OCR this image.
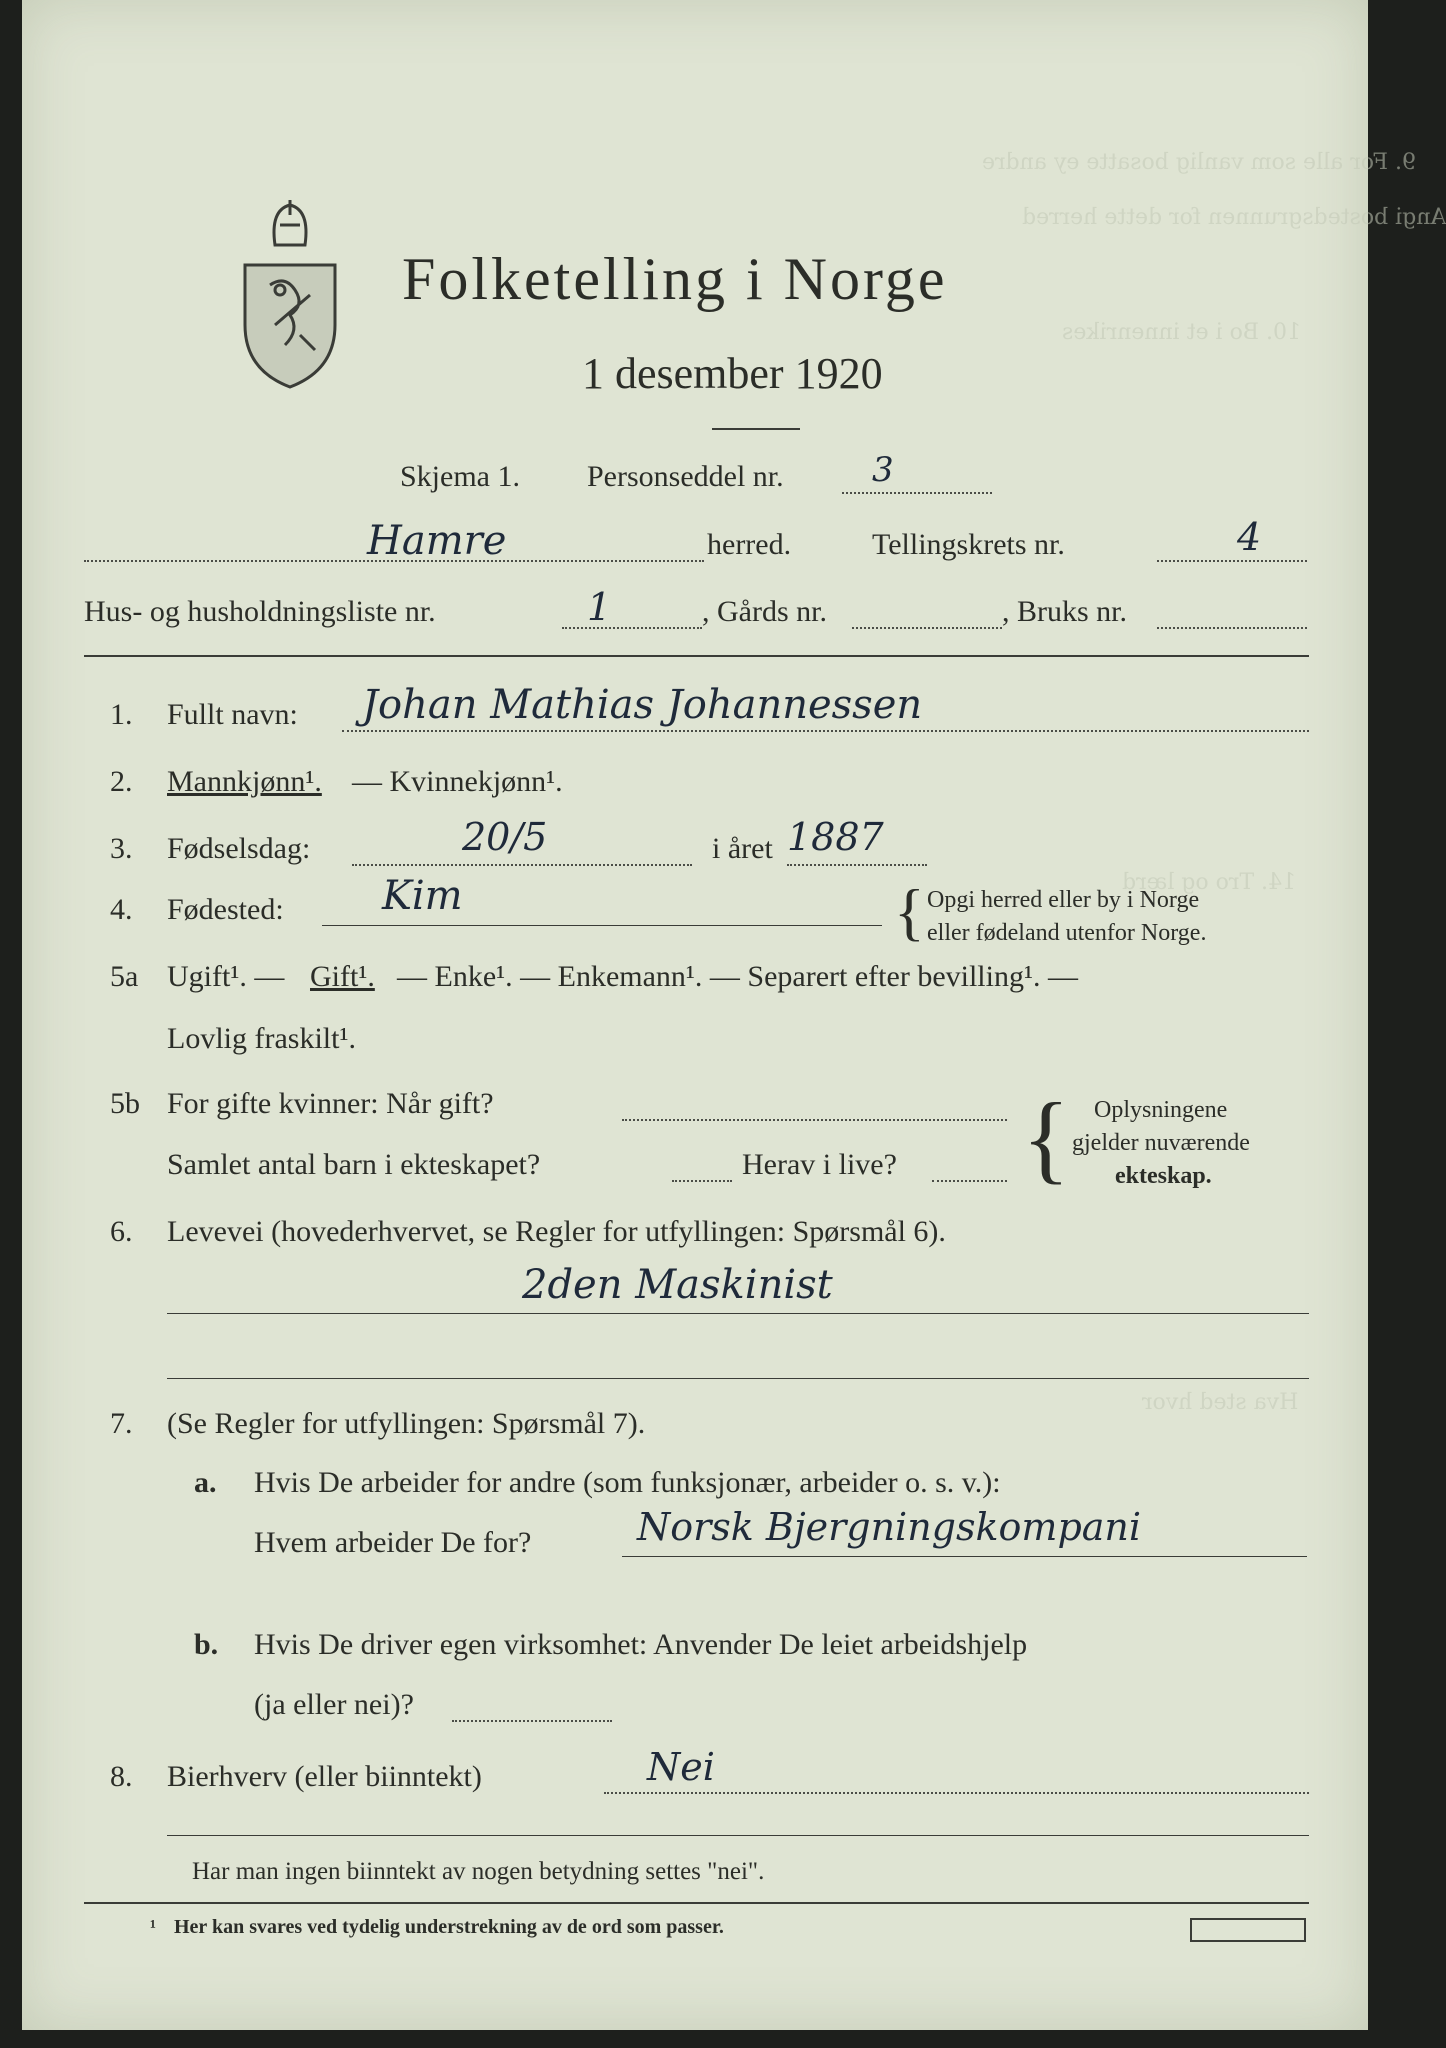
9. For alle som vanlig bosatte ey andre
Angi bostedsgrunnen for dette herred
10. Bo i et innenrikes
14. Tro og lærd
Hva sted hvor
Folketelling i Norge
1 desember 1920
Skjema 1. Personseddel nr.	3
Hamre	herred.	Tellingskrets nr.	4
Hus- og husholdningsliste nr.	1	, Gårds nr.	, Bruks nr.
1. Fullt navn: Johan Mathias Johannessen
2. Mannkjønn¹. — Kvinnekjønn¹.
3. Fødselsdag:	20/5	i året 1887
4. Fødested: Kim	{ Opgi herred eller by i Norge
eller fødeland utenfor Norge.
5a Ugift¹. — Gift¹. — Enke¹. — Enkemann¹. — Separert efter bevilling¹. —
Lovlig fraskilt¹.
5b For gifte kvinner: Når gift?
Samlet antal barn i ekteskapet?	Herav i live? { Oplysningene
gjelder nuværende
ekteskap.
6. Levevei (hovederhvervet, se Regler for utfyllingen: Spørsmål 6).
2den Maskinist
7. (Se Regler for utfyllingen: Spørsmål 7).
a. Hvis De arbeider for andre (som funksjonær, arbeider o. s. v.):
Hvem arbeider De for?	Norsk Bjergningskompani
b. Hvis De driver egen virksomhet: Anvender De leiet arbeidshjelp
(ja eller nei)?
8. Bierhverv (eller biinntekt)	Nei
Har man ingen biinntekt av nogen betydning settes "nei".
¹ Her kan svares ved tydelig understrekning av de ord som passer.
